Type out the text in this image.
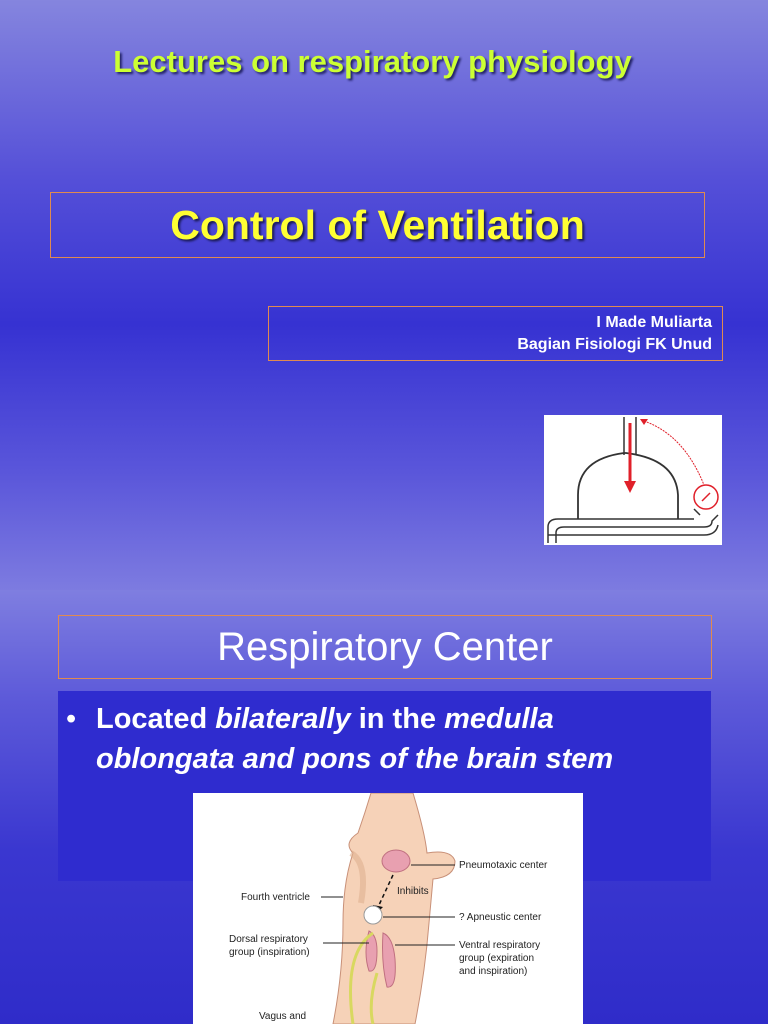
Lectures on respiratory physiology
Control of Ventilation
I Made Muliarta
Bagian Fisiologi FK Unud
Respiratory Center
• Located bilaterally in the medulla
oblongata and pons of the brain stem
Pneumotaxic center
Inhibits
Fourth ventricle
? Apneustic center
Dorsal respiratory
group (inspiration)
Ventral respiratory
group (expiration
and inspiration)
Vagus and
